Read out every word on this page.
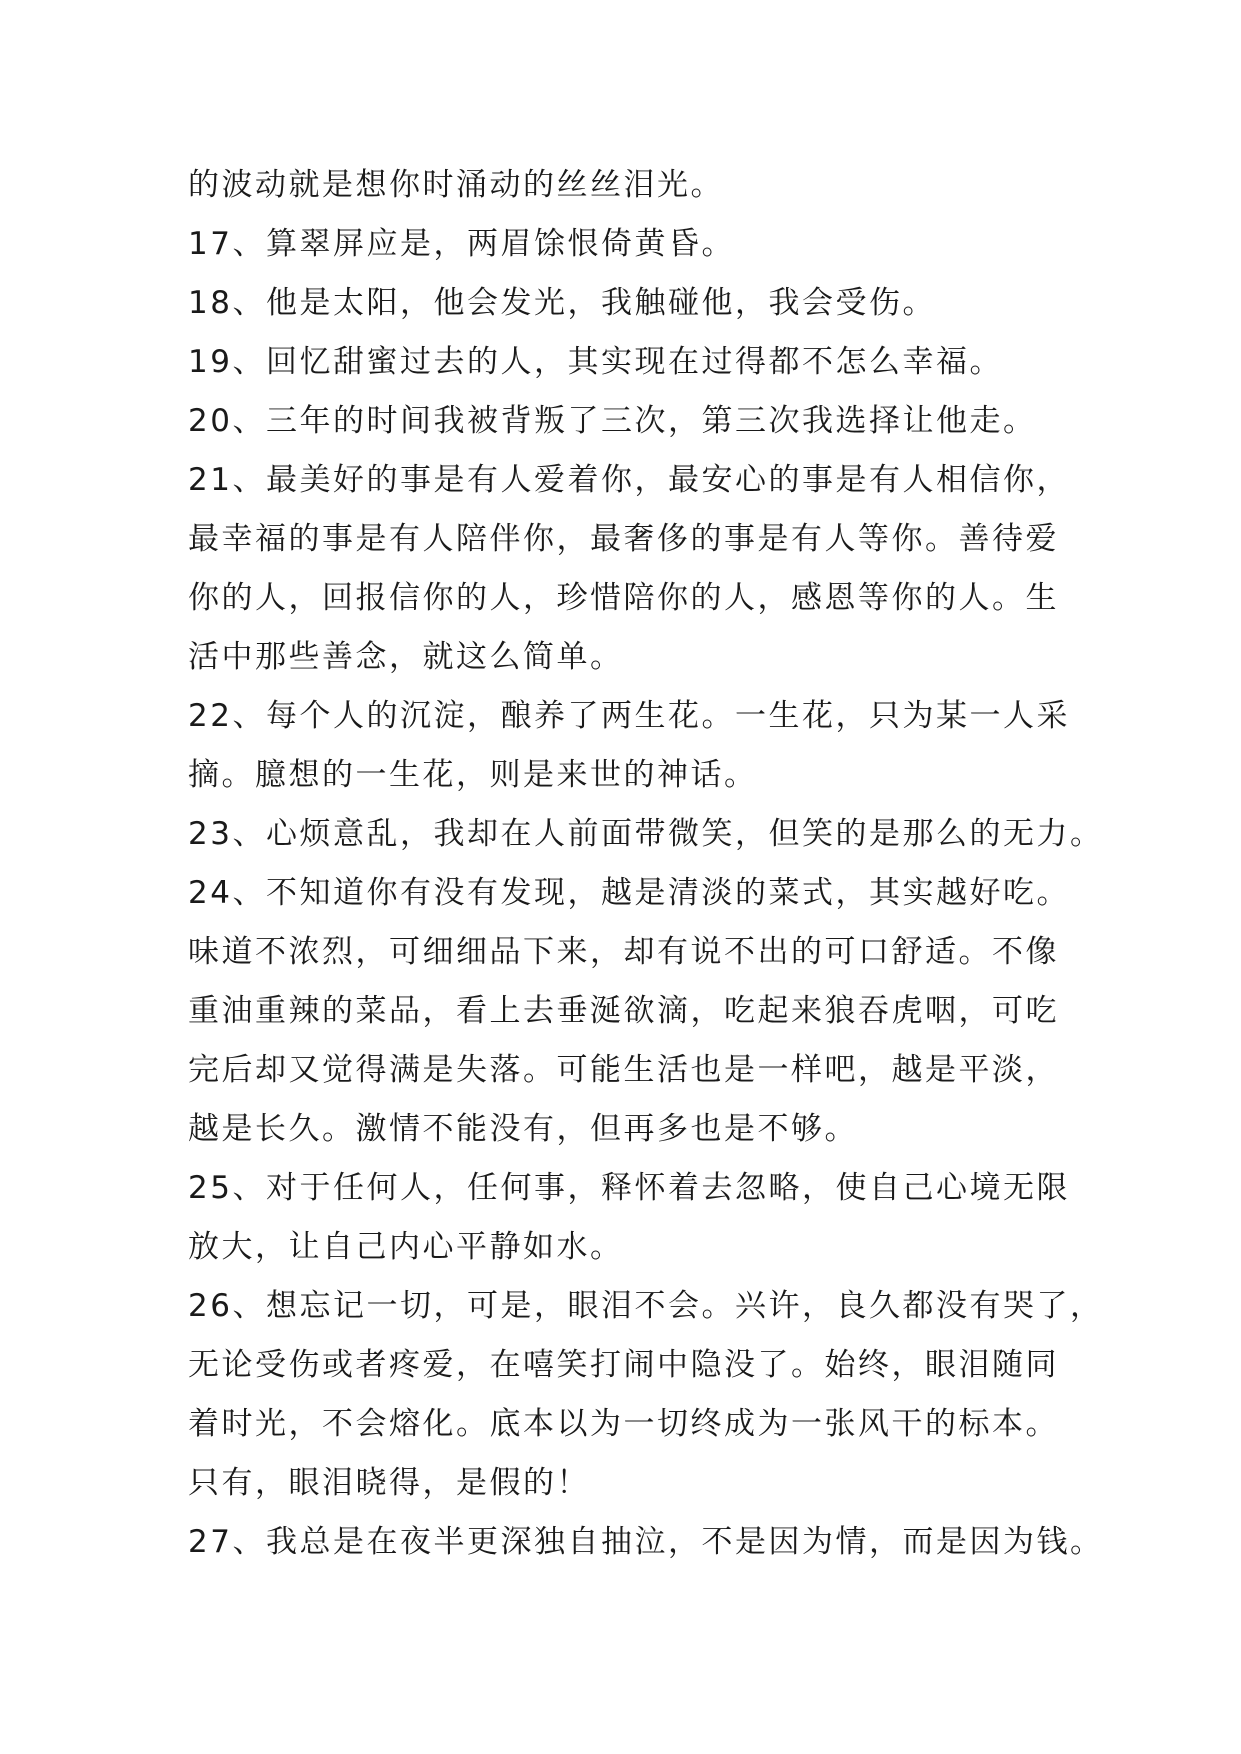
的波动就是想你时涌动的丝丝泪光。

17、算翠屏应是，两眉馀恨倚黄昏。

18、他是太阳，他会发光，我触碰他，我会受伤。

19、回忆甜蜜过去的人，其实现在过得都不怎么幸福。

20、三年的时间我被背叛了三次，第三次我选择让他走。

21、最美好的事是有人爱着你，最安心的事是有人相信你，

最幸福的事是有人陪伴你，最奢侈的事是有人等你。善待爱

你的人，回报信你的人，珍惜陪你的人，感恩等你的人。生

活中那些善念，就这么简单。

22、每个人的沉淀，酿养了两生花。一生花，只为某一人采

摘。臆想的一生花，则是来世的神话。

23、心烦意乱，我却在人前面带微笑，但笑的是那么的无力。

24、不知道你有没有发现，越是清淡的菜式，其实越好吃。

味道不浓烈，可细细品下来，却有说不出的可口舒适。不像

重油重辣的菜品，看上去垂涎欲滴，吃起来狼吞虎咽，可吃

完后却又觉得满是失落。可能生活也是一样吧，越是平淡，

越是长久。激情不能没有，但再多也是不够。

25、对于任何人，任何事，释怀着去忽略，使自己心境无限

放大，让自己内心平静如水。

26、想忘记一切，可是，眼泪不会。兴许，良久都没有哭了，

无论受伤或者疼爱，在嘻笑打闹中隐没了。始终，眼泪随同

着时光，不会熔化。底本以为一切终成为一张风干的标本。

只有，眼泪晓得，是假的！

27、我总是在夜半更深独自抽泣，不是因为情，而是因为钱。
